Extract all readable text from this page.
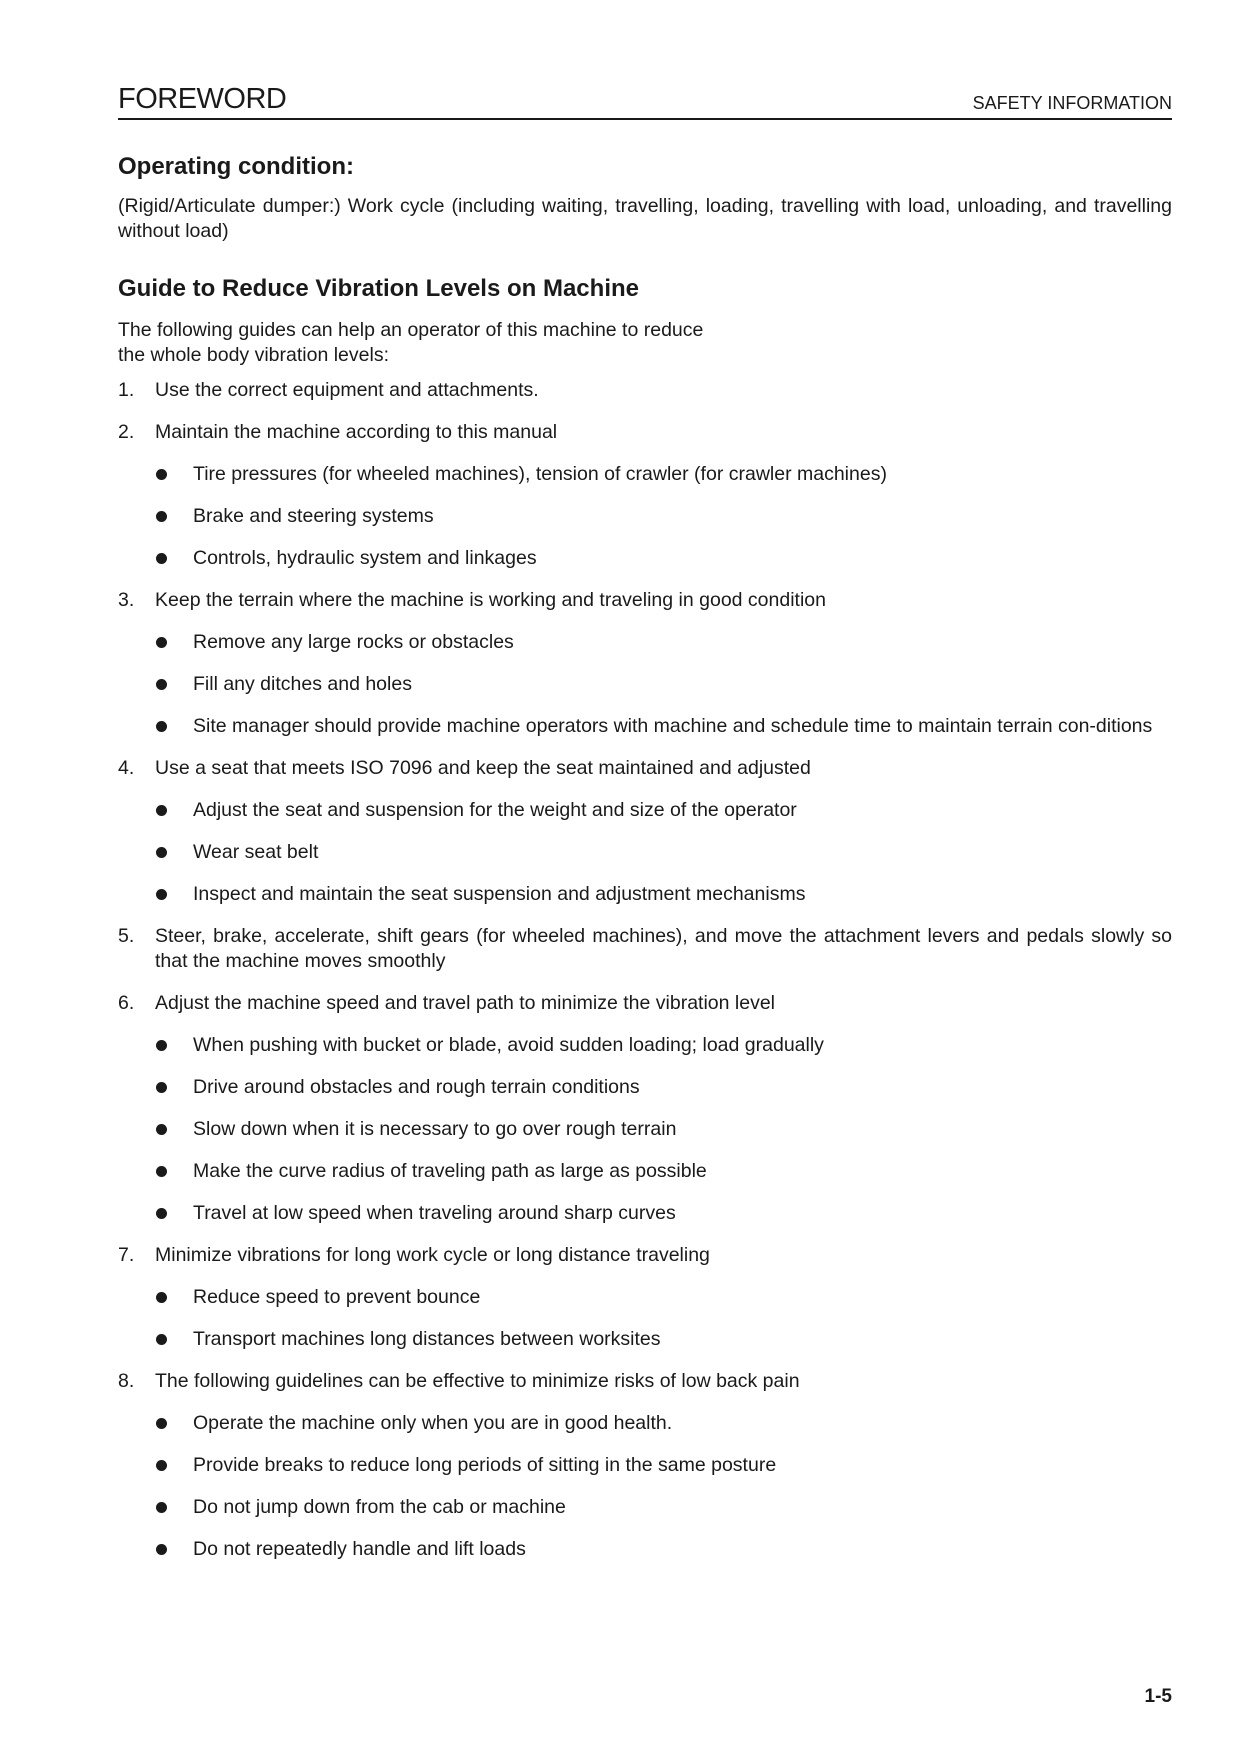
FOREWORD	SAFETY INFORMATION
Operating condition:

(Rigid/Articulate dumper:) Work cycle (including waiting, travelling, loading, travelling with load, unloading, and travelling without load)

Guide to Reduce Vibration Levels on Machine

The following guides can help an operator of this machine to reduce the whole body vibration levels:

1. Use the correct equipment and attachments.
2. Maintain the machine according to this manual
Tire pressures (for wheeled machines), tension of crawler (for crawler machines)
Brake and steering systems
Controls, hydraulic system and linkages
3. Keep the terrain where the machine is working and traveling in good condition
Remove any large rocks or obstacles
Fill any ditches and holes
Site manager should provide machine operators with machine and schedule time to maintain terrain con-ditions
4. Use a seat that meets ISO 7096 and keep the seat maintained and adjusted
Adjust the seat and suspension for the weight and size of the operator
Wear seat belt
Inspect and maintain the seat suspension and adjustment mechanisms
5. Steer, brake, accelerate, shift gears (for wheeled machines), and move the attachment levers and pedals slowly so that the machine moves smoothly
6. Adjust the machine speed and travel path to minimize the vibration level
When pushing with bucket or blade, avoid sudden loading; load gradually
Drive around obstacles and rough terrain conditions
Slow down when it is necessary to go over rough terrain
Make the curve radius of traveling path as large as possible
Travel at low speed when traveling around sharp curves
7. Minimize vibrations for long work cycle or long distance traveling
Reduce speed to prevent bounce
Transport machines long distances between worksites
8. The following guidelines can be effective to minimize risks of low back pain
Operate the machine only when you are in good health.
Provide breaks to reduce long periods of sitting in the same posture
Do not jump down from the cab or machine
Do not repeatedly handle and lift loads
1-5
